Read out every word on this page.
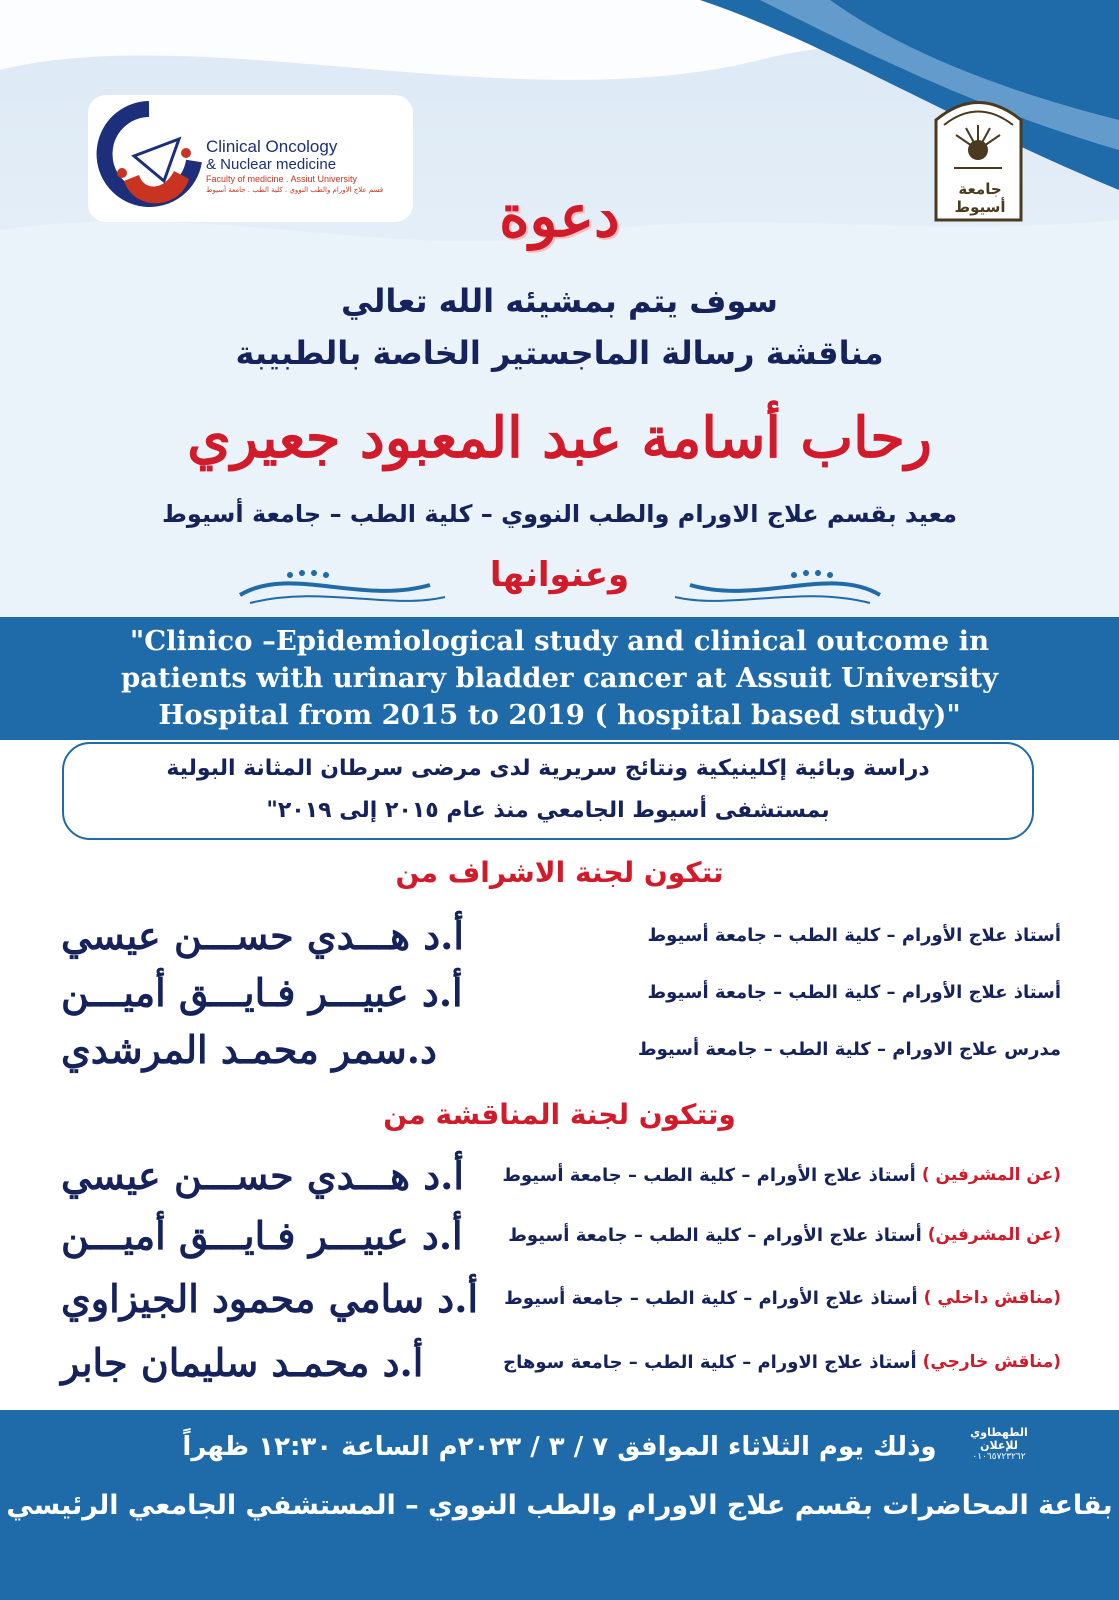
Clinical Oncology
& Nuclear medicine
Faculty of medicine . Assiut University
قسم علاج الاورام والطب النووي . كلية الطب . جامعة أسيوط	جامعة أسيوط
دعوة
سوف يتم بمشيئه الله تعالي
مناقشة رسالة الماجستير الخاصة بالطبيبة
رحاب أسامة عبد المعبود جعيري
معيد بقسم علاج الاورام والطب النووي – كلية الطب – جامعة أسيوط
وعنوانها
"Clinico –Epidemiological study and clinical outcome in
patients with urinary bladder cancer at Assuit University
Hospital from 2015 to 2019 ( hospital based study)"
دراسة وبائية إكلينيكية ونتائج سريرية لدى مرضى سرطان المثانة البولية
بمستشفى أسيوط الجامعي منذ عام ٢٠١٥ إلى ٢٠١٩"
تتكون لجنة الاشراف من
أ.د هـــدي حســـن عيسي	أستاذ علاج الأورام – كلية الطب – جامعة أسيوط
أ.د عبيـــر فـايـــق أميـــن	أستاذ علاج الأورام – كلية الطب – جامعة أسيوط
د.سمر محمـد المرشدي	مدرس علاج الاورام – كلية الطب – جامعة أسيوط
وتتكون لجنة المناقشة من
أ.د هـــدي حســـن عيسي أستاذ علاج الأورام – كلية الطب – جامعة أسيوط (عن المشرفين )
أ.د عبيـــر فـايـــق أميـــن	أستاذ علاج الأورام – كلية الطب – جامعة أسيوط (عن المشرفين)
أ.د سامي محمود الجيزاوي أستاذ علاج الأورام – كلية الطب – جامعة أسيوط (مناقش داخلي )
أ.د محمـد سليمان جابر	أستاذ علاج الاورام – كلية الطب – جامعة سوهاج (مناقش خارجي)
وذلك يوم الثلاثاء الموافق ٧ / ٣ / ٢٠٢٣م الساعة ١٢:٣٠ ظهراً
بقاعة المحاضرات بقسم علاج الاورام والطب النووي – المستشفي الجامعي الرئيسي
الطهطاوي للإعلان
٠١٠٦٥٧٢٣٢٦٢
